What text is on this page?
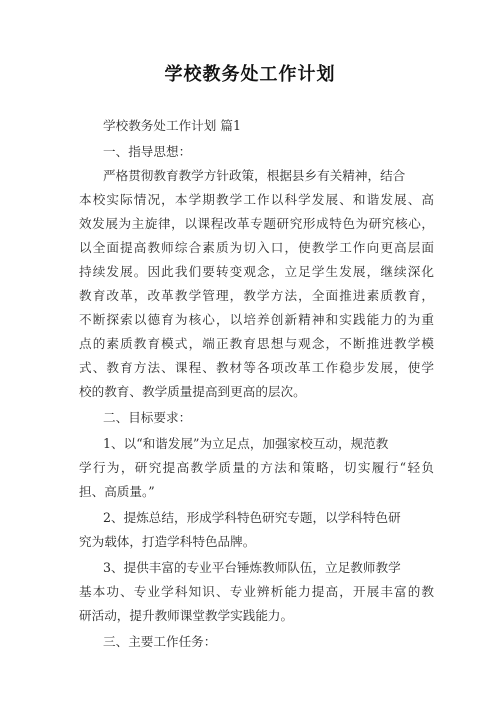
学校教务处工作计划
学校教务处工作计划 篇1
一、指导思想：
严格贯彻教育教学方针政策，根据县乡有关精神，结合
本校实际情况，本学期教学工作以科学发展、和谐发展、高
效发展为主旋律，以课程改革专题研究形成特色为研究核心，
以全面提高教师综合素质为切入口，使教学工作向更高层面
持续发展。因此我们要转变观念，立足学生发展，继续深化
教育改革，改革教学管理，教学方法，全面推进素质教育，
不断探索以德育为核心，以培养创新精神和实践能力的为重
点的素质教育模式，端正教育思想与观念，不断推进教学模
式、教育方法、课程、教材等各项改革工作稳步发展，使学
校的教育、教学质量提高到更高的层次。
二、目标要求：
1、以“和谐发展”为立足点，加强家校互动，规范教
学行为，研究提高教学质量的方法和策略，切实履行“轻负
担、高质量。”
2、提炼总结，形成学科特色研究专题，以学科特色研
究为载体，打造学科特色品牌。
3、提供丰富的专业平台锤炼教师队伍，立足教师教学
基本功、专业学科知识、专业辨析能力提高，开展丰富的教
研活动，提升教师课堂教学实践能力。
三、主要工作任务：
